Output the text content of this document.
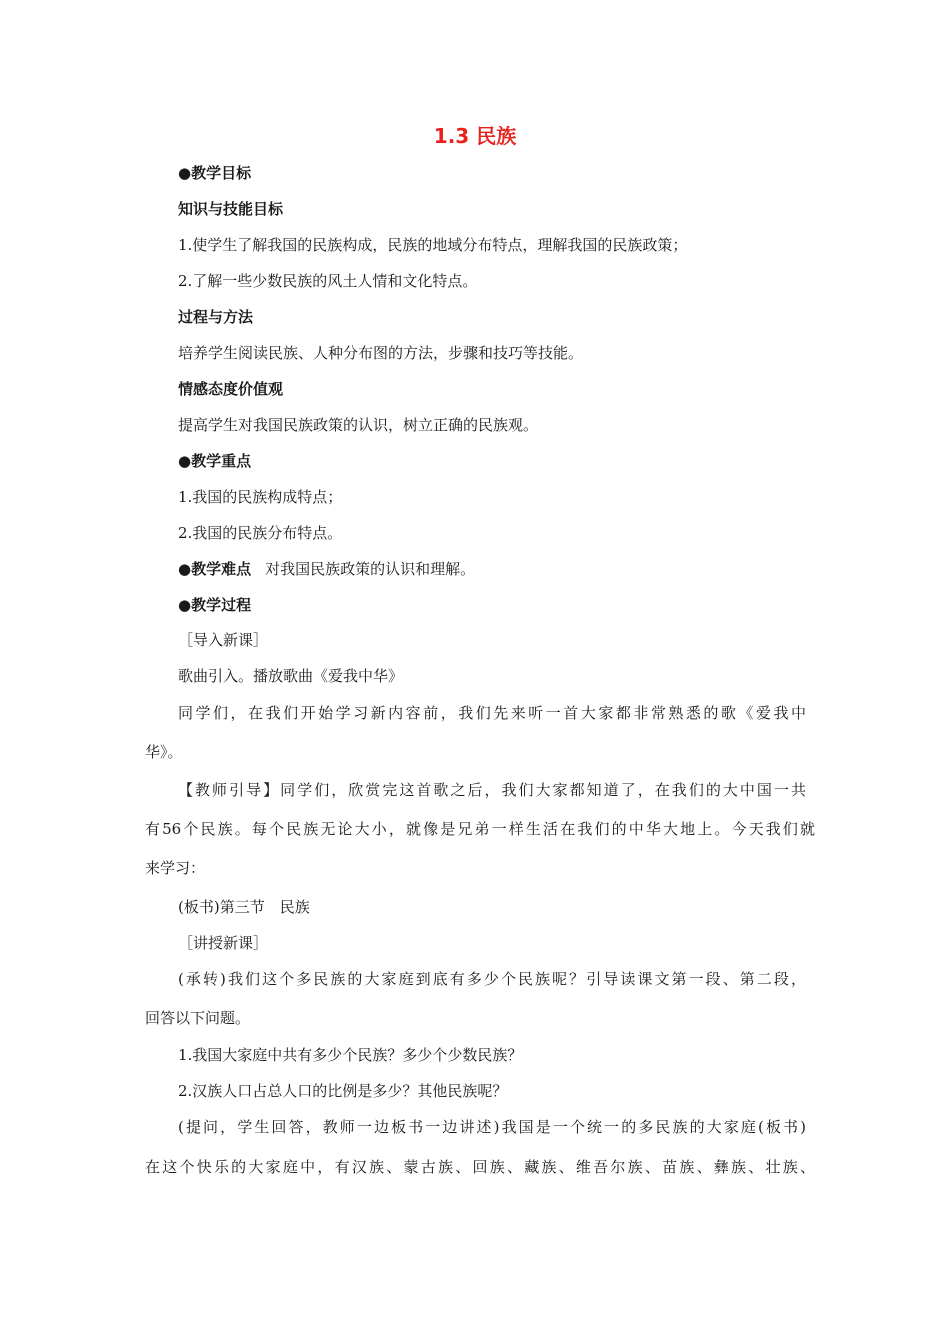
1.3 民族
●教学目标
知识与技能目标
1.使学生了解我国的民族构成，民族的地域分布特点，理解我国的民族政策；
2.了解一些少数民族的风土人情和文化特点。
过程与方法
培养学生阅读民族、人种分布图的方法，步骤和技巧等技能。
情感态度价值观
提高学生对我国民族政策的认识，树立正确的民族观。
●教学重点
1.我国的民族构成特点；
2.我国的民族分布特点。
●教学难点 对我国民族政策的认识和理解。
●教学过程
［导入新课］
歌曲引入。播放歌曲《爱我中华》
同学们，在我们开始学习新内容前，我们先来听一首大家都非常熟悉的歌《爱我中
华》。
【教师引导】同学们，欣赏完这首歌之后，我们大家都知道了，在我们的大中国一共
有56个民族。每个民族无论大小，就像是兄弟一样生活在我们的中华大地上。今天我们就
来学习：
(板书)第三节　民族
［讲授新课］
(承转)我们这个多民族的大家庭到底有多少个民族呢？引导读课文第一段、第二段，
回答以下问题。
1.我国大家庭中共有多少个民族？多少个少数民族？
2.汉族人口占总人口的比例是多少？其他民族呢？
(提问，学生回答，教师一边板书一边讲述)我国是一个统一的多民族的大家庭(板书)
在这个快乐的大家庭中，有汉族、蒙古族、回族、藏族、维吾尔族、苗族、彝族、壮族、
